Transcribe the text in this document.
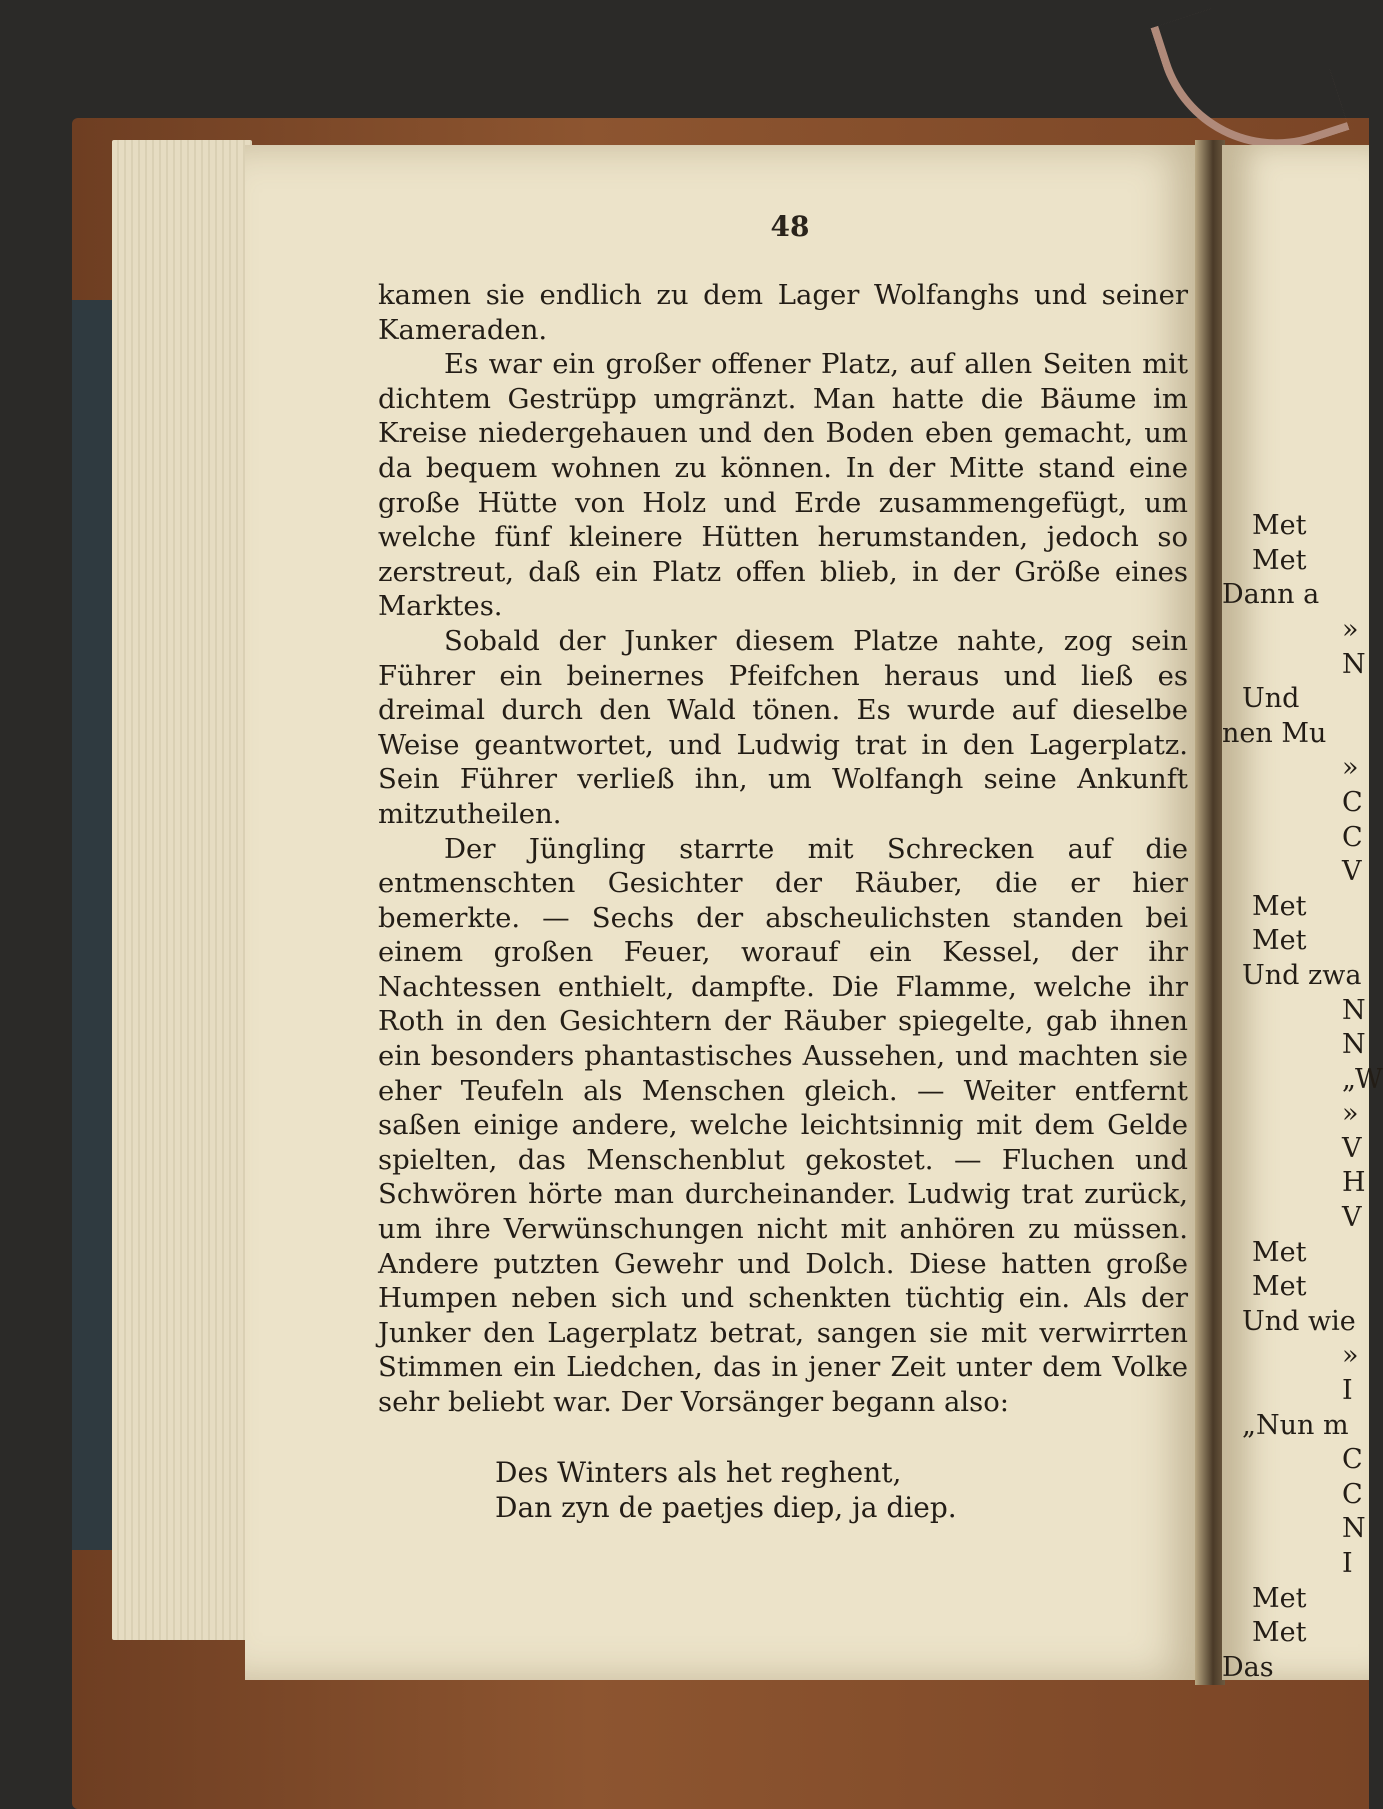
48

kamen sie endlich zu dem Lager Wolfanghs und seiner Kameraden.

Es war ein großer offener Platz, auf allen Seiten mit dichtem Gestrüpp umgränzt. Man hatte die Bäume im Kreise niedergehauen und den Boden eben gemacht, um da bequem wohnen zu können. In der Mitte stand eine große Hütte von Holz und Erde zusammengefügt, um welche fünf kleinere Hütten herumstanden, jedoch so zerstreut, daß ein Platz offen blieb, in der Größe eines Marktes.

Sobald der Junker diesem Platze nahte, zog sein Führer ein beinernes Pfeifchen heraus und ließ es dreimal durch den Wald tönen. Es wurde auf dieselbe Weise geantwortet, und Ludwig trat in den Lagerplatz. Sein Führer verließ ihn, um Wolfangh seine Ankunft mitzutheilen.

Der Jüngling starrte mit Schrecken auf die entmenschten Gesichter der Räuber, die er hier bemerkte. — Sechs der abscheulichsten standen bei einem großen Feuer, worauf ein Kessel, der ihr Nachtessen enthielt, dampfte. Die Flamme, welche ihr Roth in den Gesichtern der Räuber spiegelte, gab ihnen ein besonders phantastisches Aussehen, und machten sie eher Teufeln als Menschen gleich. — Weiter entfernt saßen einige andere, welche leichtsinnig mit dem Gelde spielten, das Menschenblut gekostet. — Fluchen und Schwören hörte man durcheinander. Ludwig trat zurück, um ihre Verwünschungen nicht mit anhören zu müssen. Andere putzten Gewehr und Dolch. Diese hatten große Humpen neben sich und schenkten tüchtig ein. Als der Junker den Lagerplatz betrat, sangen sie mit verwirrten Stimmen ein Liedchen, das in jener Zeit unter dem Volke sehr beliebt war. Der Vorsänger begann also:

Des Winters als het reghent,
Dan zyn de paetjes diep, ja diep.
Met
Met
Dann a
»
N
Und
nen Mu
»
C
C
V
Met
Met
Und zwa
N
N
„W
»
V
H
V
Met
Met
Und wie
»
I
„Nun m
C
C
N
I
Met
Met
Das
